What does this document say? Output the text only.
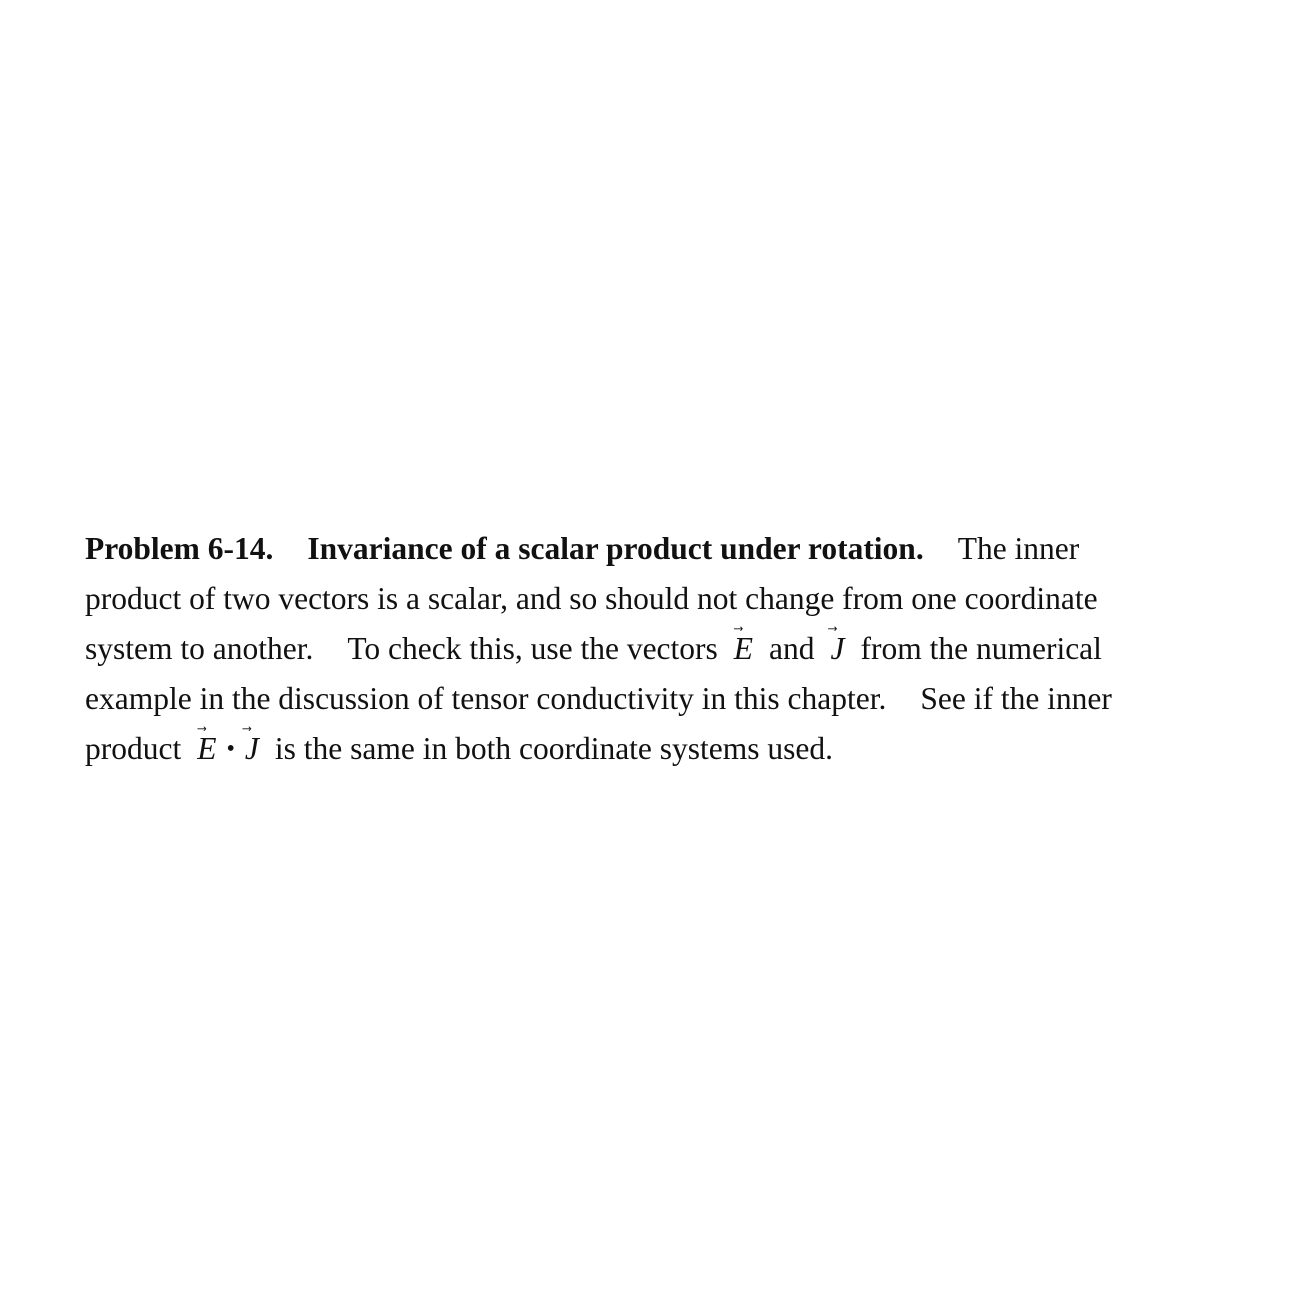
Problem 6-14. Invariance of a scalar product under rotation. The inner
product of two vectors is a scalar, and so should not change from one coordinate
system to another. To check this, use the vectors E and J from the numerical
example in the discussion of tensor conductivity in this chapter. See if the inner
product E • J is the same in both coordinate systems used.
